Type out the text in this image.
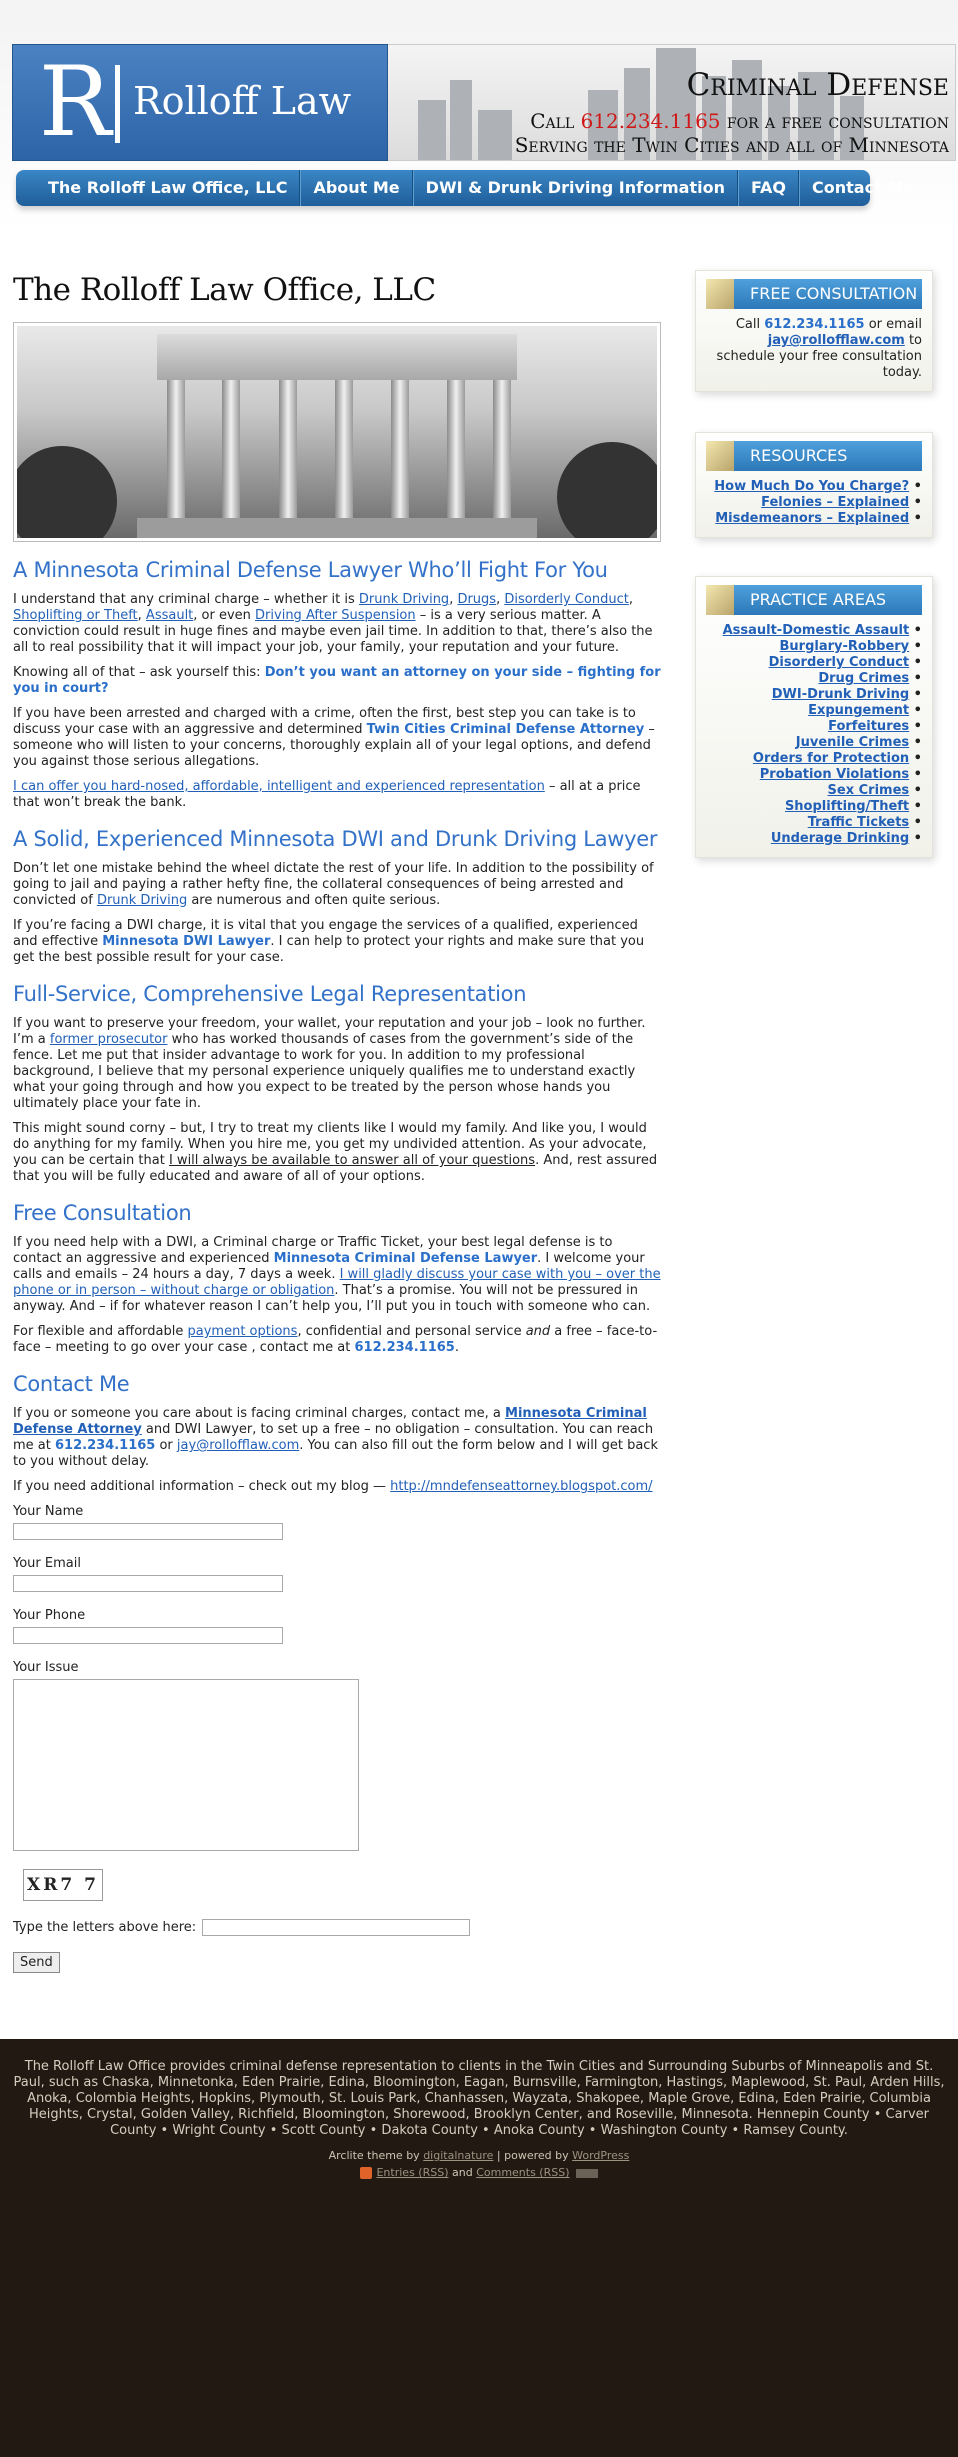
R Rolloff Law	Criminal Defense
Call 612.234.1165 for a free consultation
Serving the Twin Cities and all of Minnesota
The Rolloff Law Office, LLC	About Me	DWI & Drunk Driving Information	FAQ	Contact Me
The Rolloff Law Office, LLC
A Minnesota Criminal Defense Lawyer Who’ll Fight For You

I understand that any criminal charge – whether it is Drunk Driving, Drugs, Disorderly Conduct, Shoplifting or Theft, Assault, or even Driving After Suspension – is a very serious matter. A conviction could result in huge fines and maybe even jail time. In addition to that, there’s also the all to real possibility that it will impact your job, your family, your reputation and your future.

Knowing all of that – ask yourself this: Don’t you want an attorney on your side – fighting for you in court?

If you have been arrested and charged with a crime, often the first, best step you can take is to discuss your case with an aggressive and determined Twin Cities Criminal Defense Attorney – someone who will listen to your concerns, thoroughly explain all of your legal options, and defend you against those serious allegations.

I can offer you hard-nosed, affordable, intelligent and experienced representation – all at a price that won’t break the bank.

A Solid, Experienced Minnesota DWI and Drunk Driving Lawyer

Don’t let one mistake behind the wheel dictate the rest of your life. In addition to the possibility of going to jail and paying a rather hefty fine, the collateral consequences of being arrested and convicted of Drunk Driving are numerous and often quite serious.

If you’re facing a DWI charge, it is vital that you engage the services of a qualified, experienced and effective Minnesota DWI Lawyer. I can help to protect your rights and make sure that you get the best possible result for your case.

Full-Service, Comprehensive Legal Representation

If you want to preserve your freedom, your wallet, your reputation and your job – look no further. I’m a former prosecutor who has worked thousands of cases from the government’s side of the fence. Let me put that insider advantage to work for you. In addition to my professional background, I believe that my personal experience uniquely qualifies me to understand exactly what your going through and how you expect to be treated by the person whose hands you ultimately place your fate in.

This might sound corny – but, I try to treat my clients like I would my family. And like you, I would do anything for my family. When you hire me, you get my undivided attention. As your advocate, you can be certain that I will always be available to answer all of your questions. And, rest assured that you will be fully educated and aware of all of your options.

Free Consultation

If you need help with a DWI, a Criminal charge or Traffic Ticket, your best legal defense is to contact an aggressive and experienced Minnesota Criminal Defense Lawyer. I welcome your calls and emails – 24 hours a day, 7 days a week. I will gladly discuss your case with you – over the phone or in person – without charge or obligation. That’s a promise. You will not be pressured in anyway. And – if for whatever reason I can’t help you, I’ll put you in touch with someone who can.

For flexible and affordable payment options, confidential and personal service and a free – face-to-face – meeting to go over your case , contact me at 612.234.1165.

Contact Me

If you or someone you care about is facing criminal charges, contact me, a Minnesota Criminal Defense Attorney and DWI Lawyer, to set up a free – no obligation – consultation. You can reach me at 612.234.1165 or jay@rollofflaw.com. You can also fill out the form below and I will get back to you without delay.

If you need additional information – check out my blog — http://mndefenseattorney.blogspot.com/

Your Name
Your Email
Your Phone
Your Issue
XR7 7
Type the letters above here:
Send
FREE CONSULTATION
Call 612.234.1165 or email jay@rollofflaw.com to schedule your free consultation today.
RESOURCES
How Much Do You Charge? •
Felonies – Explained •
Misdemeanors – Explained •
PRACTICE AREAS
Assault-Domestic Assault •
Burglary-Robbery •
Disorderly Conduct •
Drug Crimes •
DWI-Drunk Driving •
Expungement •
Forfeitures •
Juvenile Crimes •
Orders for Protection •
Probation Violations •
Sex Crimes •
Shoplifting/Theft •
Traffic Tickets •
Underage Drinking •
The Rolloff Law Office provides criminal defense representation to clients in the Twin Cities and Surrounding Suburbs of Minneapolis and St. Paul, such as Chaska, Minnetonka, Eden Prairie, Edina, Bloomington, Eagan, Burnsville, Farmington, Hastings, Maplewood, St. Paul, Arden Hills, Anoka, Colombia Heights, Hopkins, Plymouth, St. Louis Park, Chanhassen, Wayzata, Shakopee, Maple Grove, Edina, Eden Prairie, Columbia Heights, Crystal, Golden Valley, Richfield, Bloomington, Shorewood, Brooklyn Center, and Roseville, Minnesota. Hennepin County • Carver County • Wright County • Scott County • Dakota County • Anoka County • Washington County • Ramsey County.
Arclite theme by digitalnature | powered by WordPress
Entries (RSS) and Comments (RSS)
